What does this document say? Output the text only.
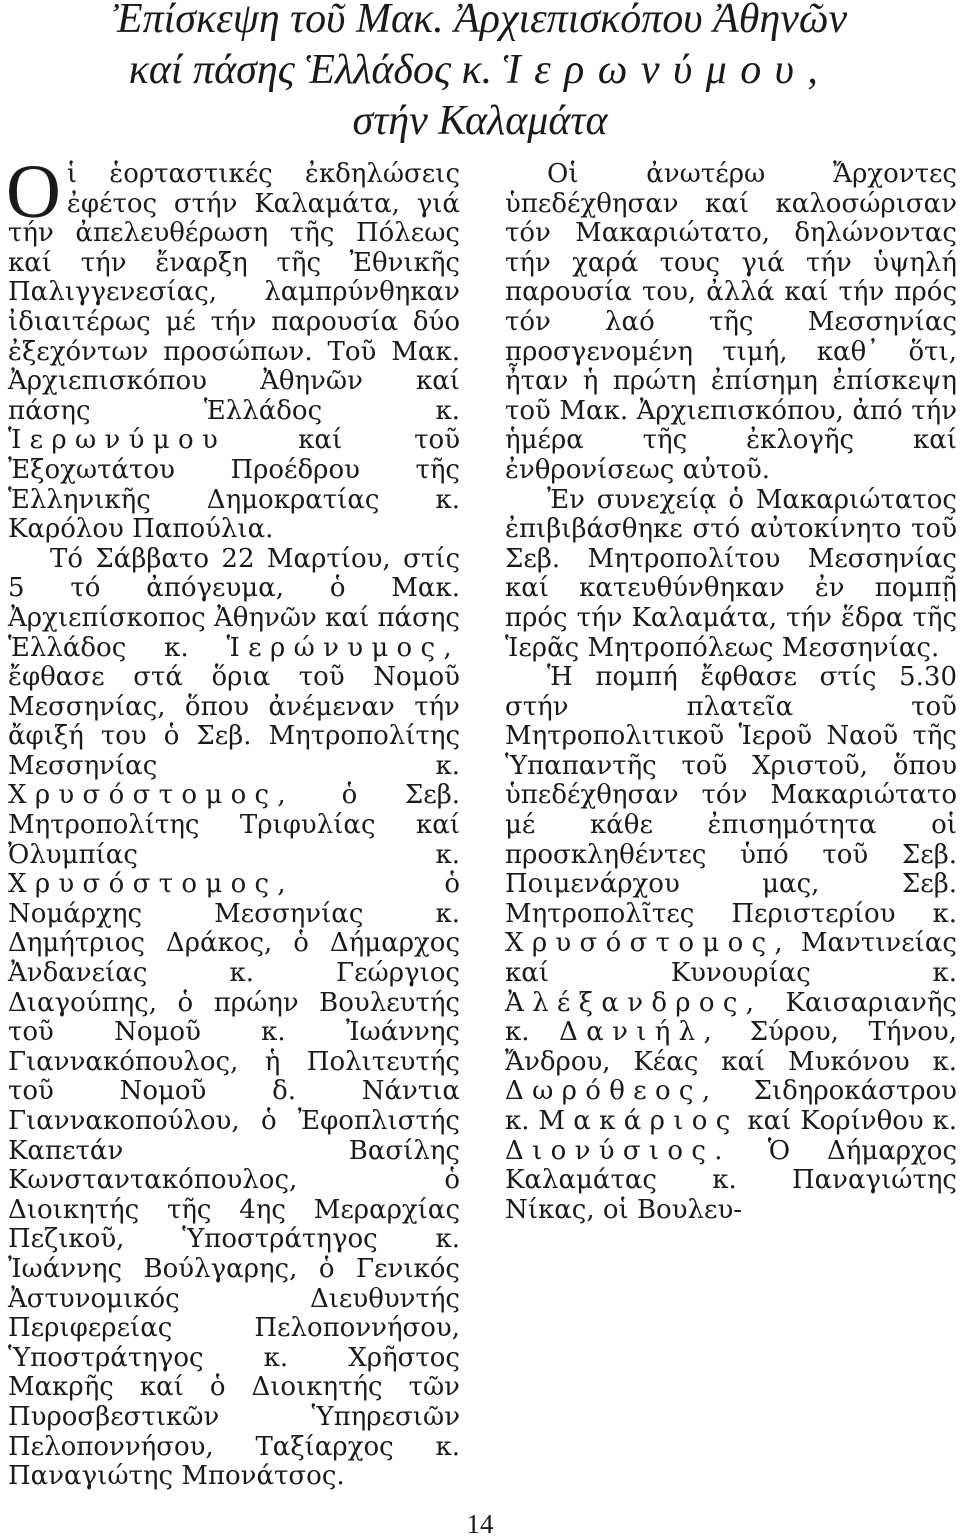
Ἐπίσκεψη τοῦ Μακ. Ἀρχιεπισκόπου Ἀθηνῶν
καί πάσης Ἑλλάδος κ. Ἱερωνύμου,
στήν Καλαμάτα

Οἱ ἑορταστικές ἐκδηλώσεις ἐφέτος στήν Καλαμάτα, γιά τήν ἀπελευθέρωση τῆς Πόλεως καί τήν ἔναρξη τῆς Ἐθνικῆς Παλιγγενεσίας, λαμπρύνθηκαν ἰδιαιτέρως μέ τήν παρουσία δύο ἐξεχόντων προσώπων. Τοῦ Μακ. Ἀρχιεπισκόπου Ἀθηνῶν καί πάσης Ἑλλάδος κ. Ἱερωνύμου	καί τοῦ Ἐξοχωτάτου Προέδρου τῆς Ἑλληνικῆς Δημοκρατίας κ. Καρόλου Παπούλια.

Τό Σάββατο 22 Μαρτίου, στίς 5 τό ἀπόγευμα, ὁ Μακ. Ἀρχιεπίσκοπος Ἀθηνῶν καί πάσης Ἑλλάδος κ. Ἱερώνυμος, ἔφθασε στά ὅρια τοῦ Νομοῦ Μεσσηνίας, ὅπου ἀνέμεναν τήν ἄφιξή του ὁ Σεβ. Μητροπολίτης Μεσσηνίας κ. Χρυσόστομος, ὁ Σεβ. Μητροπολίτης Τριφυλίας καί Ὀλυμπίας κ. Χρυσόστομος,	ὁ Νομάρχης Μεσσηνίας κ. Δημήτριος Δράκος, ὁ Δήμαρχος Ἀνδανείας κ. Γεώργιος Διαγούπης, ὁ πρώην Βουλευτής τοῦ Νομοῦ κ. Ἰωάννης Γιαννακόπουλος, ἡ Πολιτευτής τοῦ Νομοῦ δ. Νάντια Γιαννακοπούλου, ὁ Ἐφοπλιστής Καπετάν Βασίλης Κωνσταντακόπουλος, ὁ Διοικητής τῆς 4ης Μεραρχίας Πεζικοῦ, Ὑποστράτηγος κ. Ἰωάννης Βούλγαρης, ὁ Γενικός Ἀστυνομικός Διευθυντής Περιφερείας Πελοποννήσου, Ὑποστράτηγος κ. Χρῆστος Μακρῆς καί ὁ Διοικητής τῶν Πυροσβεστικῶν Ὑπηρεσιῶν Πελοποννήσου, Ταξίαρχος κ. Παναγιώτης Μπονάτσος.

Οἱ ἀνωτέρω Ἄρχοντες ὑπεδέχθησαν καί καλοσώρισαν τόν Μακαριώτατο, δηλώνοντας τήν χαρά τους γιά τήν ὑψηλή παρουσία του, ἀλλά καί τήν πρός τόν λαό τῆς Μεσσηνίας προσγενομένη τιμή, καθ᾽ ὅτι, ἦταν ἡ πρώτη ἐπίσημη ἐπίσκεψη τοῦ Μακ. Ἀρχιεπισκόπου, ἀπό τήν ἡμέρα τῆς ἐκλογῆς καί ἐνθρονίσεως αὐτοῦ.

Ἐν συνεχείᾳ ὁ Μακαριώτατος ἐπιβιβάσθηκε στό αὐτοκίνητο τοῦ Σεβ. Μητροπολίτου Μεσσηνίας καί κατευθύνθηκαν ἐν πομπῇ πρός τήν Καλαμάτα, τήν ἕδρα τῆς Ἱερᾶς Μητροπόλεως Μεσσηνίας.

Ἡ πομπή ἔφθασε στίς 5.30 στήν πλατεῖα τοῦ Μητροπολιτικοῦ Ἱεροῦ Ναοῦ τῆς Ὑπαπαντῆς τοῦ Χριστοῦ, ὅπου ὑπεδέχθησαν τόν Μακαριώτατο μέ κάθε ἐπισημότητα οἱ προσκληθέντες ὑπό τοῦ Σεβ. Ποιμενάρχου μας, Σεβ. Μητροπολῖτες Περιστερίου κ. Χρυσόστομος, Μαντινείας καί Κυνουρίας κ. Ἀλέξανδρος, Καισαριανῆς κ. Δανιήλ, Σύρου, Τήνου, Ἄνδρου, Κέας καί Μυκόνου κ. Δωρόθεος, Σιδηροκάστρου κ. Μακάριος καί Κορίνθου κ. Διονύσιος. Ὁ Δήμαρχος Καλαμάτας κ. Παναγιώτης Νίκας, οἱ Βουλευ-

14
